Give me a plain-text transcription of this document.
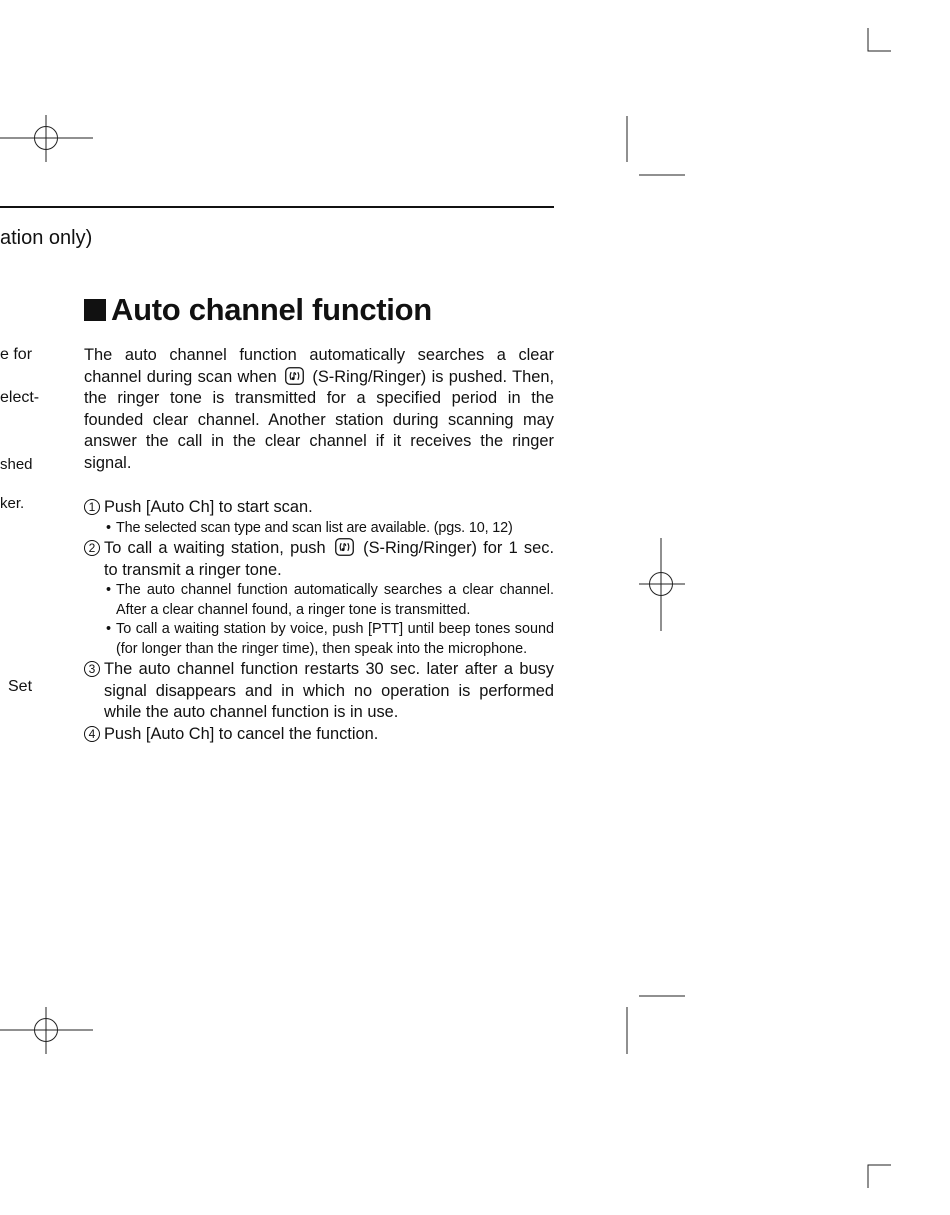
ation only)
e for
elect-
shed
ker.
Set
Auto channel function

The auto channel function automatically searches a clear channel during scan when (S-Ring/Ringer) is pushed. Then, the ringer tone is transmitted for a specified period in the founded clear channel. Another station during scanning may answer the call in the clear channel if it receives the ringer signal.

1 Push [Auto Ch] to start scan.
• The selected scan type and scan list are available. (pgs. 10, 12)
2 To call a waiting station, push (S-Ring/Ringer) for 1 sec. to transmit a ringer tone.
• The auto channel function automatically searches a clear channel. After a clear channel found, a ringer tone is transmitted.
• To call a waiting station by voice, push [PTT] until beep tones sound (for longer than the ringer time), then speak into the microphone.
3 The auto channel function restarts 30 sec. later after a busy signal disappears and in which no operation is performed while the auto channel function is in use.
4 Push [Auto Ch] to cancel the function.
